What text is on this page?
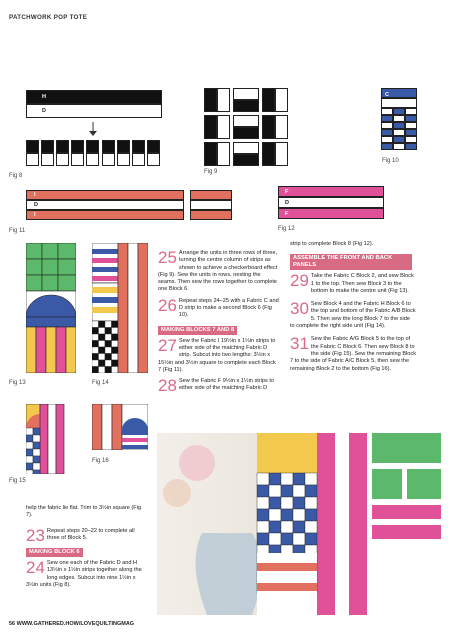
PATCHWORK POP TOTE
H
D
Fig 8
Fig 9
C
D
Fig 10
I
D
I
Fig 11
F
D
F
Fig 12
Fig 13	Fig 14
Fig 15
Fig 16

25 Arrange the units in three rows of three, turning the centre column of strips as shown to achieve a checkerboard effect (Fig 9). Sew the units in rows, nesting the seams. Then sew the rows together to complete one Block 6.

26 Repeat steps 24–25 with a Fabric C and D strip to make a second Block 6 (Fig 10).

MAKING BLOCKS 7 AND 8

27 Sew the Fabric I 19½in x 1½in strips to either side of the matching Fabric D strip. Subcut into two lengths: 3½in x 15½in and 3½in square to complete each Block 7 (Fig 11).

28 Sew the Fabric F 9½in x 1½in strips to either side of the matching Fabric D

strip to complete Block 8 (Fig 12).

ASSEMBLE THE FRONT AND BACK PANELS

29 Take the Fabric C Block 2, and sew Block 1 to the top. Then sew Block 3 to the bottom to make the centre unit (Fig 13).

30 Sew Block 4 and the Fabric H Block 6 to the top and bottom of the Fabric A/B Block 5. Then sew the long Block 7 to the side to complete the right side unit (Fig 14).

31 Sew the Fabric A/G Block 5 to the top of the Fabric C Block 6. Then sew Block 8 to the side (Fig 15). Sew the remaining Block 7 to the side of Fabric A/C Block 5, then sew the remaining Block 2 to the bottom (Fig 16).

help the fabric lie flat. Trim to 3½in square (Fig 7).

23 Repeat steps 20–22 to complete all three of Block 5.

MAKING BLOCK 6

24 Sew one each of the Fabric D and H 13½in x 1½in strips together along the long edges. Subcut into nine 1½in x 3½in units (Fig 8).

56 WWW.GATHERED.HOW/LOVEQUILTINGMAG
